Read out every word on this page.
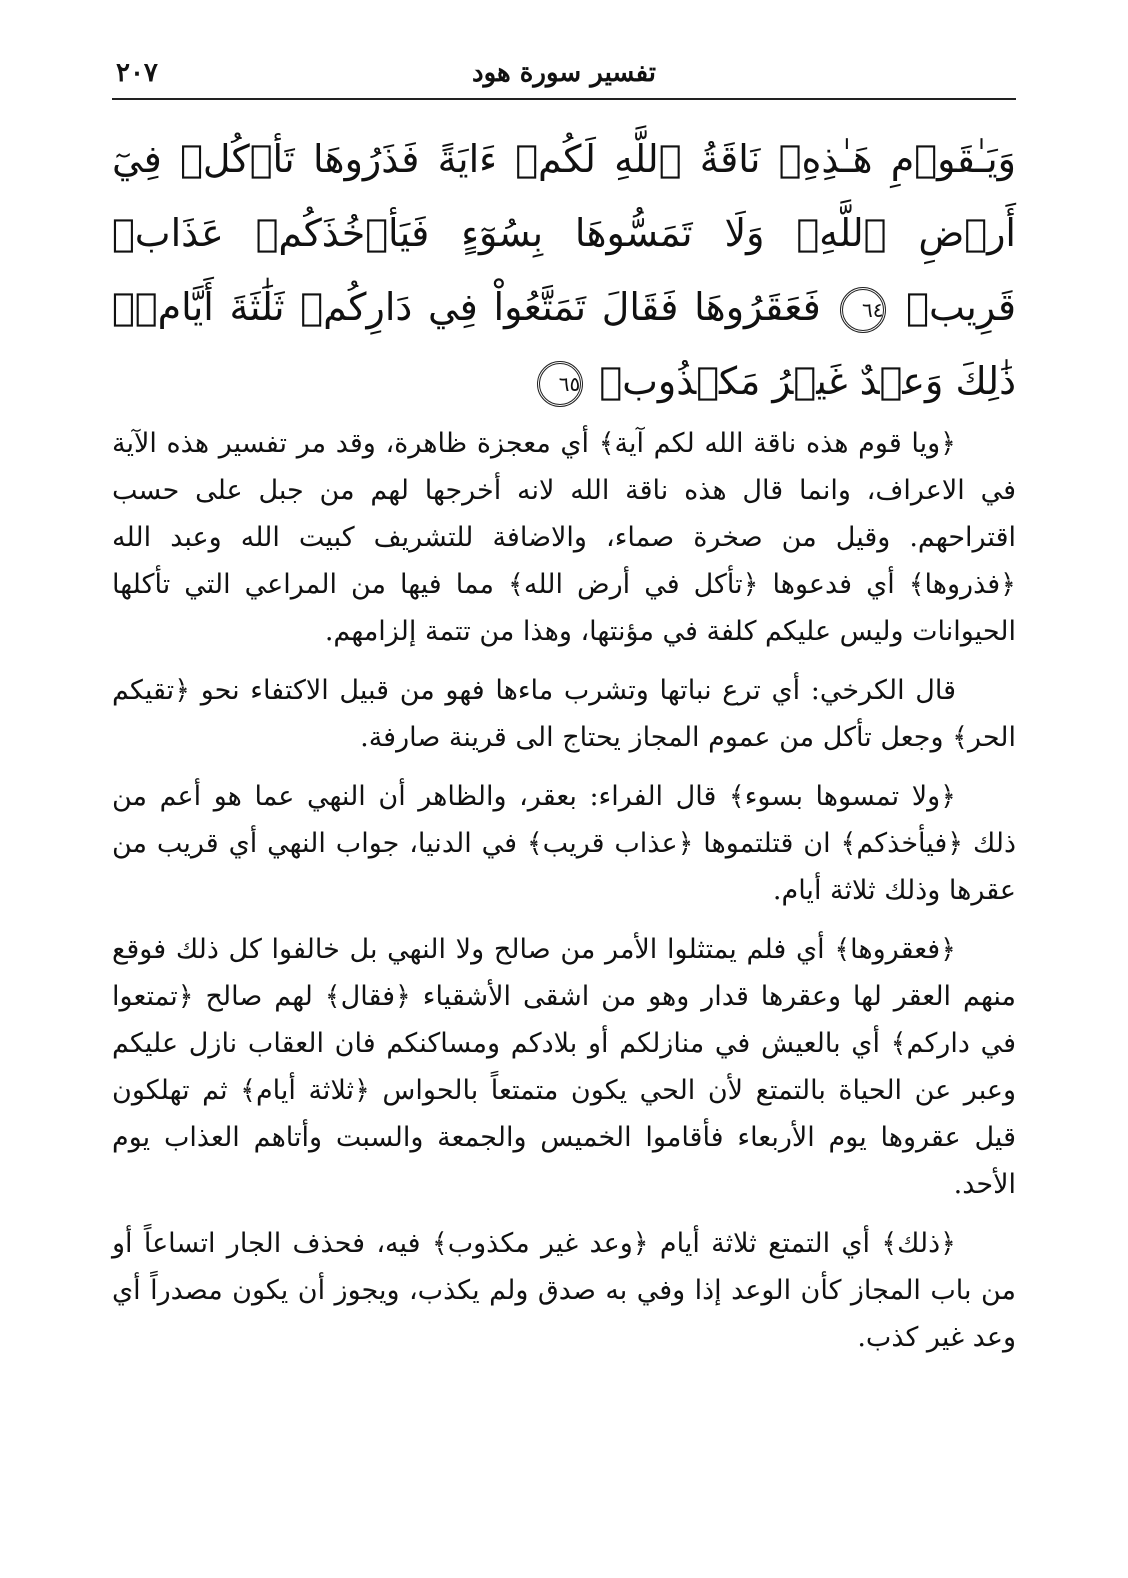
٢٠٧	تفسير سورة هود
وَيَـٰقَوۡمِ هَـٰذِهِۦ نَاقَةُ ٱللَّهِ لَكُمۡ ءَايَةً فَذَرُوهَا تَأۡكُلۡ فِيٓ أَرۡضِ ٱللَّهِۖ وَلَا تَمَسُّوهَا بِسُوٓءٍ فَيَأۡخُذَكُمۡ عَذَابٞ قَرِيبٞ ٦٤ فَعَقَرُوهَا فَقَالَ تَمَتَّعُواْ فِي دَارِكُمۡ ثَلَٰثَةَ أَيَّامٖۖ ذَٰلِكَ وَعۡدٌ غَيۡرُ مَكۡذُوبٖ ٦٥

﴿ويا قوم هذه ناقة الله لكم آية﴾ أي معجزة ظاهرة، وقد مر تفسير هذه الآية في الاعراف، وانما قال هذه ناقة الله لانه أخرجها لهم من جبل على حسب اقتراحهم. وقيل من صخرة صماء، والاضافة للتشريف كبيت الله وعبد الله ﴿فذروها﴾ أي فدعوها ﴿تأكل في أرض الله﴾ مما فيها من المراعي التي تأكلها الحيوانات وليس عليكم كلفة في مؤنتها، وهذا من تتمة إلزامهم.

قال الكرخي: أي ترع نباتها وتشرب ماءها فهو من قبيل الاكتفاء نحو ﴿تقيكم الحر﴾ وجعل تأكل من عموم المجاز يحتاج الى قرينة صارفة.

﴿ولا تمسوها بسوء﴾ قال الفراء: بعقر، والظاهر أن النهي عما هو أعم من ذلك ﴿فيأخذكم﴾ ان قتلتموها ﴿عذاب قريب﴾ في الدنيا، جواب النهي أي قريب من عقرها وذلك ثلاثة أيام.

﴿فعقروها﴾ أي فلم يمتثلوا الأمر من صالح ولا النهي بل خالفوا كل ذلك فوقع منهم العقر لها وعقرها قدار وهو من اشقى الأشقياء ﴿فقال﴾ لهم صالح ﴿تمتعوا في داركم﴾ أي بالعيش في منازلكم أو بلادكم ومساكنكم فان العقاب نازل عليكم وعبر عن الحياة بالتمتع لأن الحي يكون متمتعاً بالحواس ﴿ثلاثة أيام﴾ ثم تهلكون قيل عقروها يوم الأربعاء فأقاموا الخميس والجمعة والسبت وأتاهم العذاب يوم الأحد.

﴿ذلك﴾ أي التمتع ثلاثة أيام ﴿وعد غير مكذوب﴾ فيه، فحذف الجار اتساعاً أو من باب المجاز كأن الوعد إذا وفي به صدق ولم يكذب، ويجوز أن يكون مصدراً أي وعد غير كذب.
